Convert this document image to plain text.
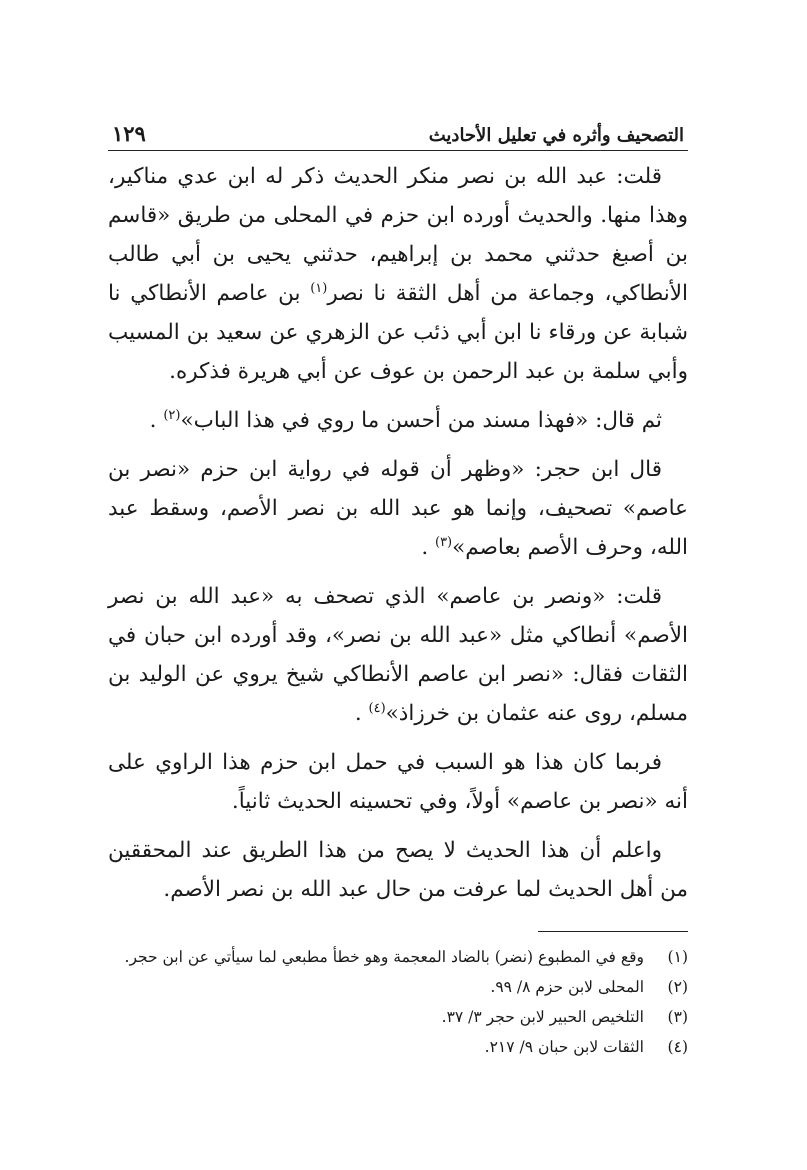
التصحيف وأثره في تعليل الأحاديث
١٢٩

قلت: عبد الله بن نصر منكر الحديث ذكر له ابن عدي مناكير، وهذا منها. والحديث أورده ابن حزم في المحلى من طريق «قاسم بن أصبغ حدثني محمد بن إبراهيم، حدثني يحيى بن أبي طالب الأنطاكي، وجماعة من أهل الثقة نا نصر$^{(١)}$ بن عاصم الأنطاكي نا شبابة عن ورقاء نا ابن أبي ذئب عن الزهري عن سعيد بن المسيب وأبي سلمة بن عبد الرحمن بن عوف عن أبي هريرة فذكره.

ثم قال: «فهذا مسند من أحسن ما روي في هذا الباب»$^{(٢)}$ .

قال ابن حجر: «وظهر أن قوله في رواية ابن حزم «نصر بن عاصم» تصحيف، وإنما هو عبد الله بن نصر الأصم، وسقط عبد الله، وحرف الأصم بعاصم»$^{(٣)}$ .

قلت: «ونصر بن عاصم» الذي تصحف به «عبد الله بن نصر الأصم» أنطاكي مثل «عبد الله بن نصر»، وقد أورده ابن حبان في الثقات فقال: «نصر ابن عاصم الأنطاكي شيخ يروي عن الوليد بن مسلم، روى عنه عثمان بن خرزاذ»$^{(٤)}$ .

فربما كان هذا هو السبب في حمل ابن حزم هذا الراوي على أنه «نصر بن عاصم» أولاً، وفي تحسينه الحديث ثانياً.

واعلم أن هذا الحديث لا يصح من هذا الطريق عند المحققين من أهل الحديث لما عرفت من حال عبد الله بن نصر الأصم.

(١)
وقع في المطبوع (نضر) بالضاد المعجمة وهو خطأ مطبعي لما سيأتي عن ابن حجر.
(٢)
المحلى لابن حزم ٨/ ٩٩.
(٣)
التلخيص الحبير لابن حجر ٣/ ٣٧.
(٤)
الثقات لابن حبان ٩/ ٢١٧.
